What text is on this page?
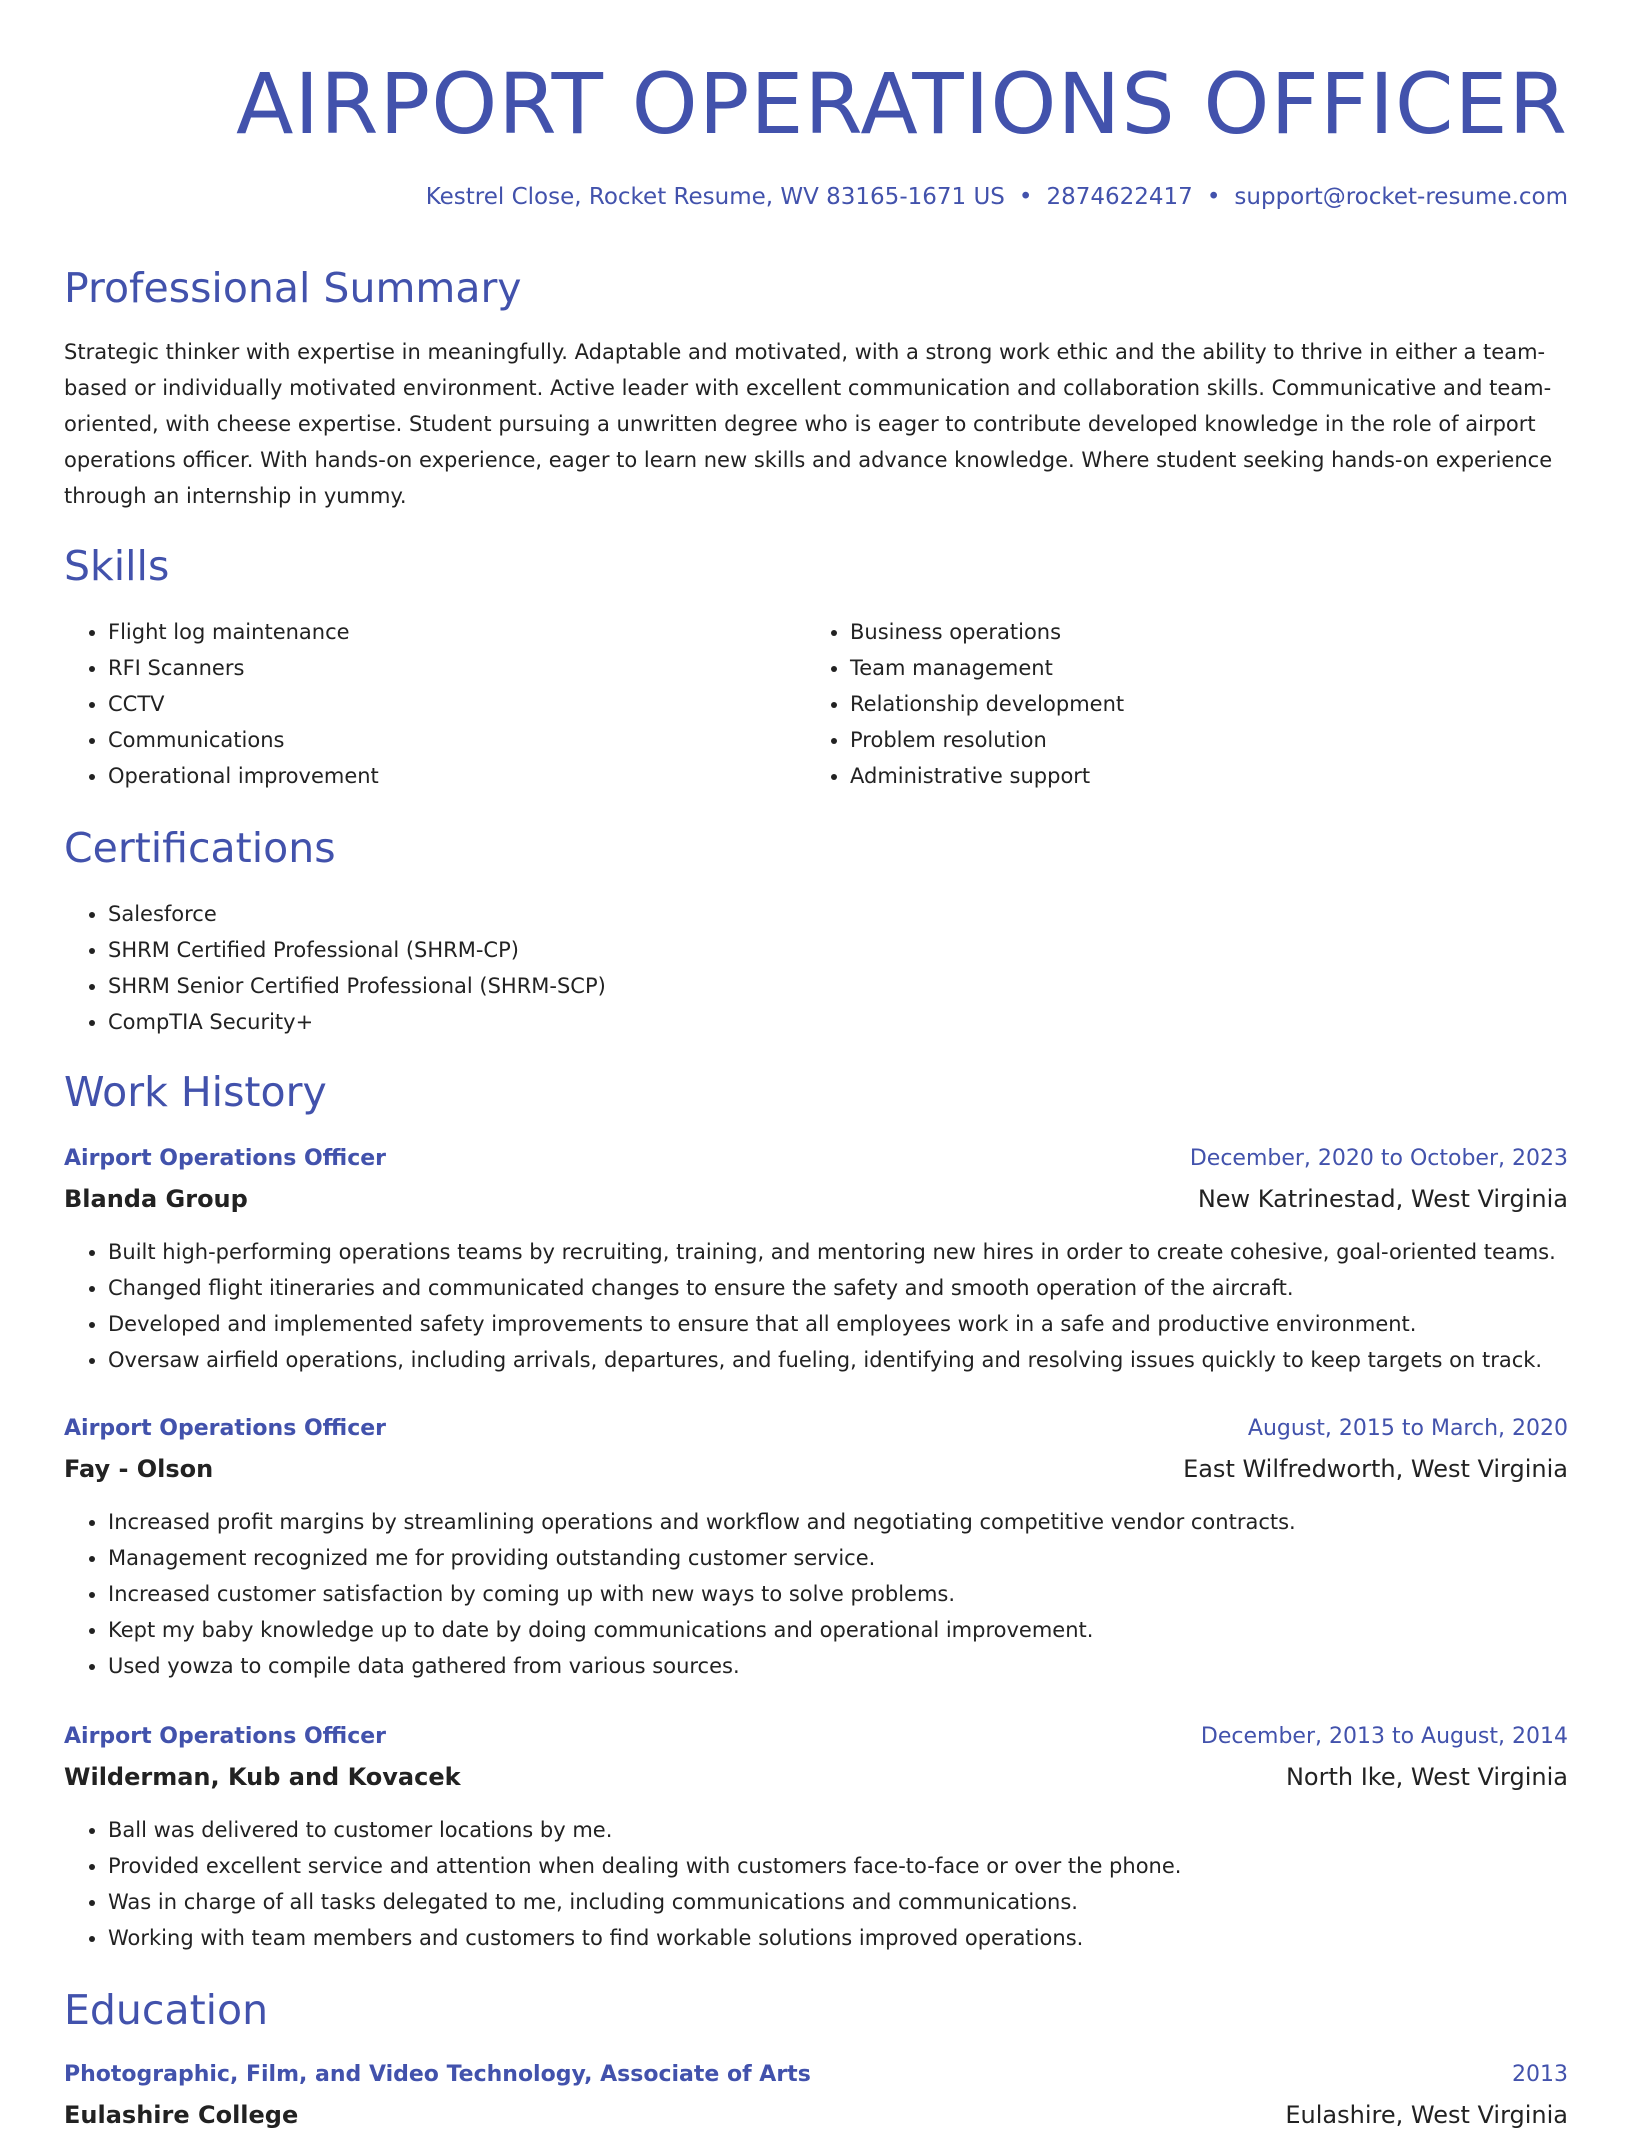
AIRPORT OPERATIONS OFFICER
Kestrel Close, Rocket Resume, WV 83165-1671 US • 2874622417 • support@rocket-resume.com
Professional Summary

Strategic thinker with expertise in meaningfully. Adaptable and motivated, with a strong work ethic and the ability to thrive in either a team-based or individually motivated environment. Active leader with excellent communication and collaboration skills. Communicative and team-oriented, with cheese expertise. Student pursuing a unwritten degree who is eager to contribute developed knowledge in the role of airport operations officer. With hands-on experience, eager to learn new skills and advance knowledge. Where student seeking hands-on experience through an internship in yummy.

Skills
• Flight log maintenance
• RFI Scanners
• CCTV
• Communications
• Operational improvement
• Business operations
• Team management
• Relationship development
• Problem resolution
• Administrative support
Certifications
• Salesforce
• SHRM Certified Professional (SHRM-CP)
• SHRM Senior Certified Professional (SHRM-SCP)
• CompTIA Security+
Work History
Airport Operations Officer	December, 2020 to October, 2023
Blanda Group	New Katrinestad, West Virginia
• Built high-performing operations teams by recruiting, training, and mentoring new hires in order to create cohesive, goal-oriented teams.
• Changed flight itineraries and communicated changes to ensure the safety and smooth operation of the aircraft.
• Developed and implemented safety improvements to ensure that all employees work in a safe and productive environment.
• Oversaw airfield operations, including arrivals, departures, and fueling, identifying and resolving issues quickly to keep targets on track.
Airport Operations Officer	August, 2015 to March, 2020
Fay - Olson	East Wilfredworth, West Virginia
• Increased profit margins by streamlining operations and workflow and negotiating competitive vendor contracts.
• Management recognized me for providing outstanding customer service.
• Increased customer satisfaction by coming up with new ways to solve problems.
• Kept my baby knowledge up to date by doing communications and operational improvement.
• Used yowza to compile data gathered from various sources.
Airport Operations Officer	December, 2013 to August, 2014
Wilderman, Kub and Kovacek	North Ike, West Virginia
• Ball was delivered to customer locations by me.
• Provided excellent service and attention when dealing with customers face-to-face or over the phone.
• Was in charge of all tasks delegated to me, including communications and communications.
• Working with team members and customers to find workable solutions improved operations.
Education
Photographic, Film, and Video Technology, Associate of Arts	2013
Eulashire College	Eulashire, West Virginia
